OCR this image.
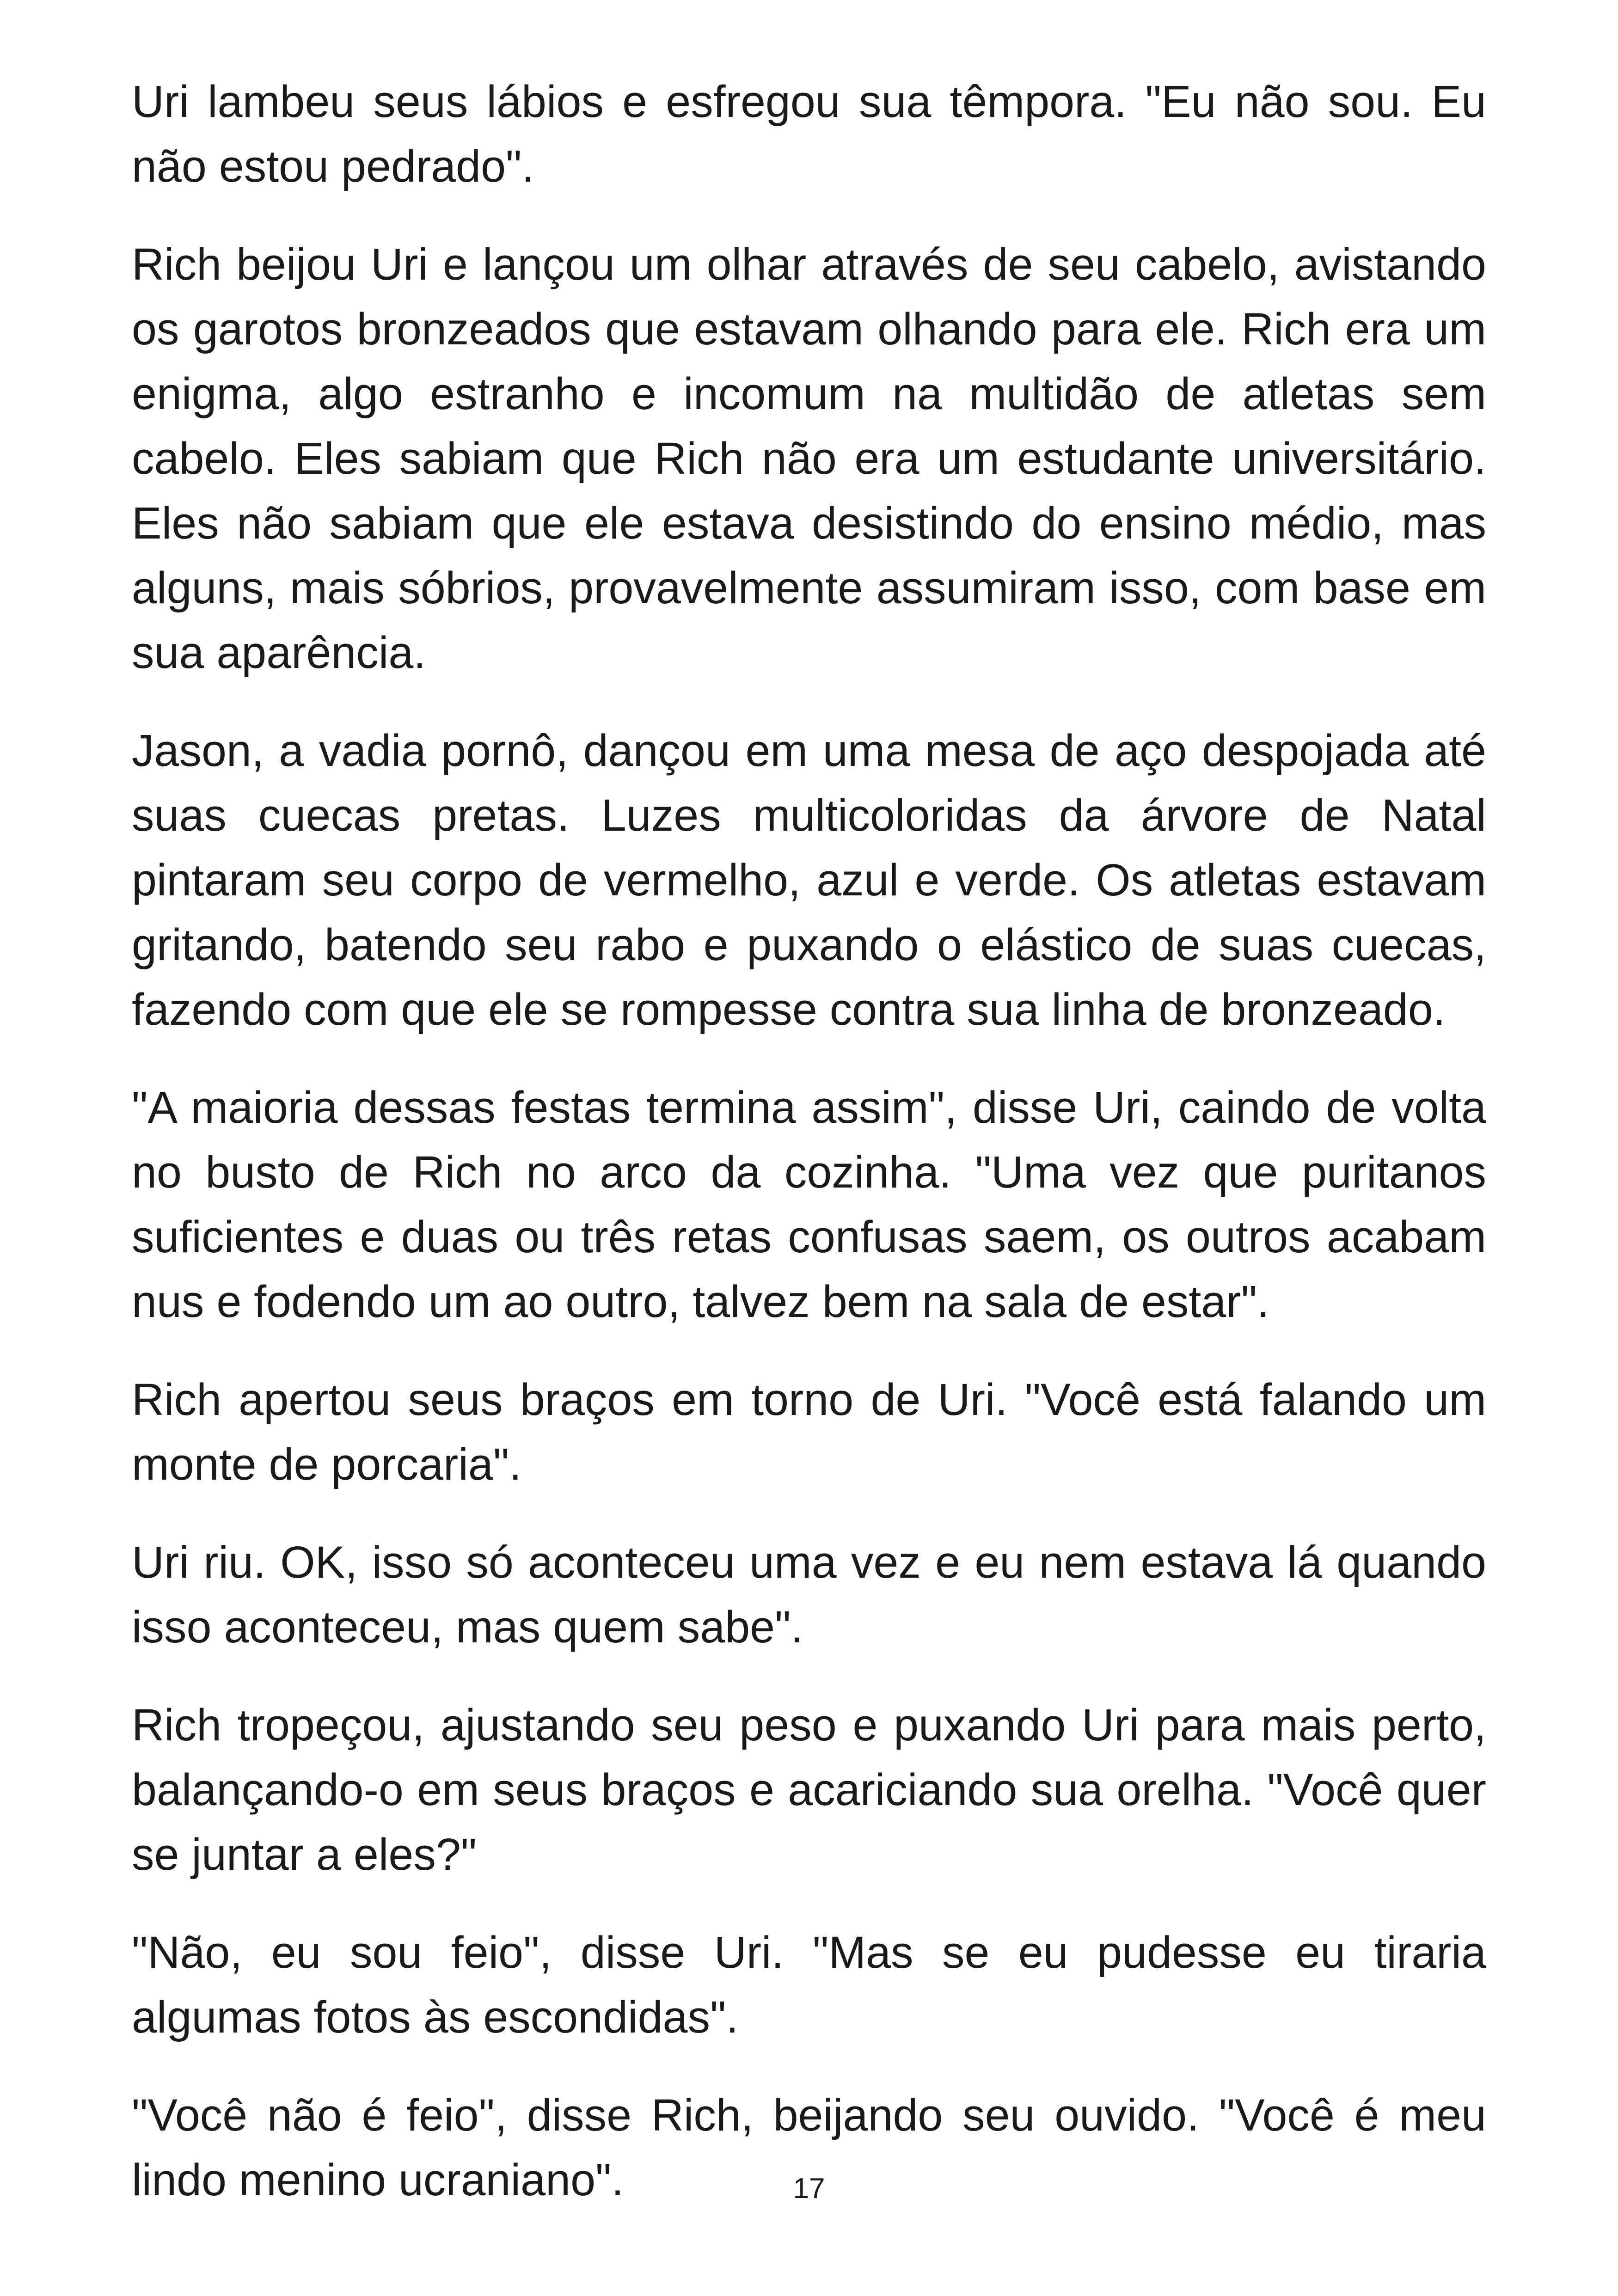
Uri lambeu seus lábios e esfregou sua têmpora. "Eu não sou. Eu não estou pedrado".

Rich beijou Uri e lançou um olhar através de seu cabelo, avistando os garotos bronzeados que estavam olhando para ele. Rich era um enigma, algo estranho e incomum na multidão de atletas sem cabelo. Eles sabiam que Rich não era um estudante universitário. Eles não sabiam que ele estava desistindo do ensino médio, mas alguns, mais sóbrios, provavelmente assumiram isso, com base em sua aparência.

Jason, a vadia pornô, dançou em uma mesa de aço despojada até suas cuecas pretas. Luzes multicoloridas da árvore de Natal pintaram seu corpo de vermelho, azul e verde. Os atletas estavam gritando, batendo seu rabo e puxando o elástico de suas cuecas, fazendo com que ele se rompesse contra sua linha de bronzeado.

"A maioria dessas festas termina assim", disse Uri, caindo de volta no busto de Rich no arco da cozinha. "Uma vez que puritanos suficientes e duas ou três retas confusas saem, os outros acabam nus e fodendo um ao outro, talvez bem na sala de estar".

Rich apertou seus braços em torno de Uri. "Você está falando um monte de porcaria".

Uri riu. OK, isso só aconteceu uma vez e eu nem estava lá quando isso aconteceu, mas quem sabe".

Rich tropeçou, ajustando seu peso e puxando Uri para mais perto, balançando-o em seus braços e acariciando sua orelha. "Você quer se juntar a eles?"

"Não, eu sou feio", disse Uri. "Mas se eu pudesse eu tiraria algumas fotos às escondidas".

"Você não é feio", disse Rich, beijando seu ouvido. "Você é meu lindo menino ucraniano".	17
